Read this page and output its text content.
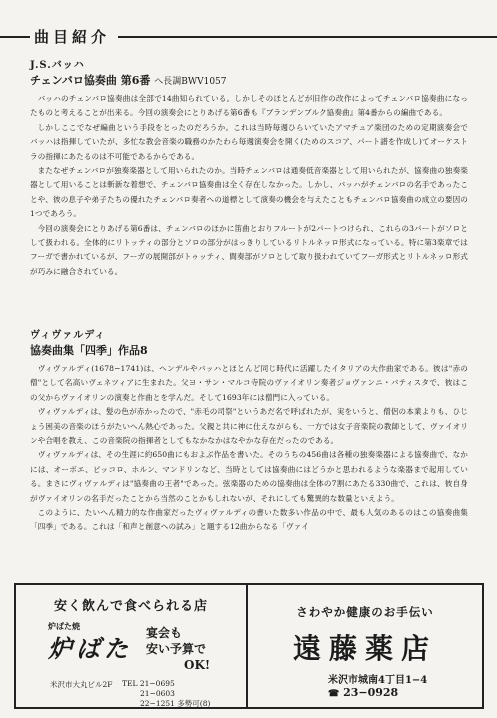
曲目紹介
J.S.バッハ
チェンバロ協奏曲 第6番 へ長調BWV1057

バッハのチェンバロ協奏曲は全部で14曲知られている。しかしそのほとんどが旧作の改作によってチェンバロ協奏曲になったものと考えることが出来る。今回の演奏会にとりあげる第6番も『ブランデンブルク協奏曲』第4番からの編曲である。

しかしここでなぜ編曲という手段をとったのだろうか。これは当時毎週ひらいていたアマチュア楽団のための定期演奏会でバッハは指揮していたが、多忙な教会音楽の職務のかたわら毎週演奏会を開く(ためのスコア、パート譜を作成し)てオーケストラの指揮にあたるのは不可能であるからである。

またなぜチェンバロが独奏楽器として用いられたのか。当時チェンバロは通奏低音楽器として用いられたが、協奏曲の独奏楽器として用いることは斬新な着想で、チェンバロ協奏曲は全く存在しなかった。しかし、バッハがチェンバロの名手であったことや、彼の息子や弟子たちの優れたチェンバロ奏者への道標として演奏の機会を与えたこともチェンバロ協奏曲の成立の要因の1つであろう。

今回の演奏会にとりあげる第6番は、チェンバロのほかに笛曲とおりフルートが2パートつけられ、これらの3パートがソロとして扱われる。全体的にリトッティの部分とソロの部分がはっきりしているリトルネッロ形式になっている。特に第3楽章ではフーガで書かれているが、フーガの展開部がトゥッティ、間奏部がソロとして取り扱われていてフーガ形式とリトルネッロ形式が巧みに融合されている。

ヴィヴァルディ
協奏曲集「四季」作品8

ヴィヴァルディ(1678−1741)は、ヘンデルやバッハとほとんど同じ時代に活躍したイタリアの大作曲家である。彼は"赤の僧"として名高いヴェネツィアに生まれた。父ヨ・サン・マルコ寺院のヴァイオリン奏者ジョヴァンニ・バティスタで、彼はこの父からヴァイオリンの演奏と作曲とを学んだ。そして1693年には僧門に入っている。

ヴィヴァルディは、髪の色が赤かったので、"赤毛の司祭"というあだ名で呼ばれたが、実をいうと、僧侶の本業よりも、ひじょう困美の音楽のほうがたいへん熱心であった。父親と共に神に仕えながらも、一方では女子音楽院の教師として、ヴァイオリンや合唱を教え、この音楽院の指揮者としてもなかなかはなやかな存在だったのである。

ヴィヴァルディは、その生涯に約650曲にもおよぶ作品を書いた。そのうちの456曲は各種の独奏楽器による協奏曲で、なかには、オーボエ、ピッコロ、ホルン、マンドリンなど、当時としては協奏曲にはどうかと思われるような楽器まで起用している。まさにヴィヴァルディは"協奏曲の王者"であった。弦楽器のための協奏曲は全体の7割にあたる330曲で、これは、彼自身がヴァイオリンの名手だったことから当然のことかもしれないが、それにしても驚異的な数量といえよう。

このように、たいへん精力的な作曲家だったヴィヴァルディの書いた数多い作品の中で、最も人気のあるのはこの協奏曲集「四季」である。これは「和声と創意への試み」と題する12曲からなる「ヴァイ

安く飲んで食べられる店
炉ばた焼
炉ばた
宴会も
安い予算で
OK!
米沢市大丸ビル2F TEL 21−0695
21−0603
22−1251 多勢可(8)
さわやか健康のお手伝い
遠藤薬店
米沢市城南4丁目1−4
☎ 23−0928
